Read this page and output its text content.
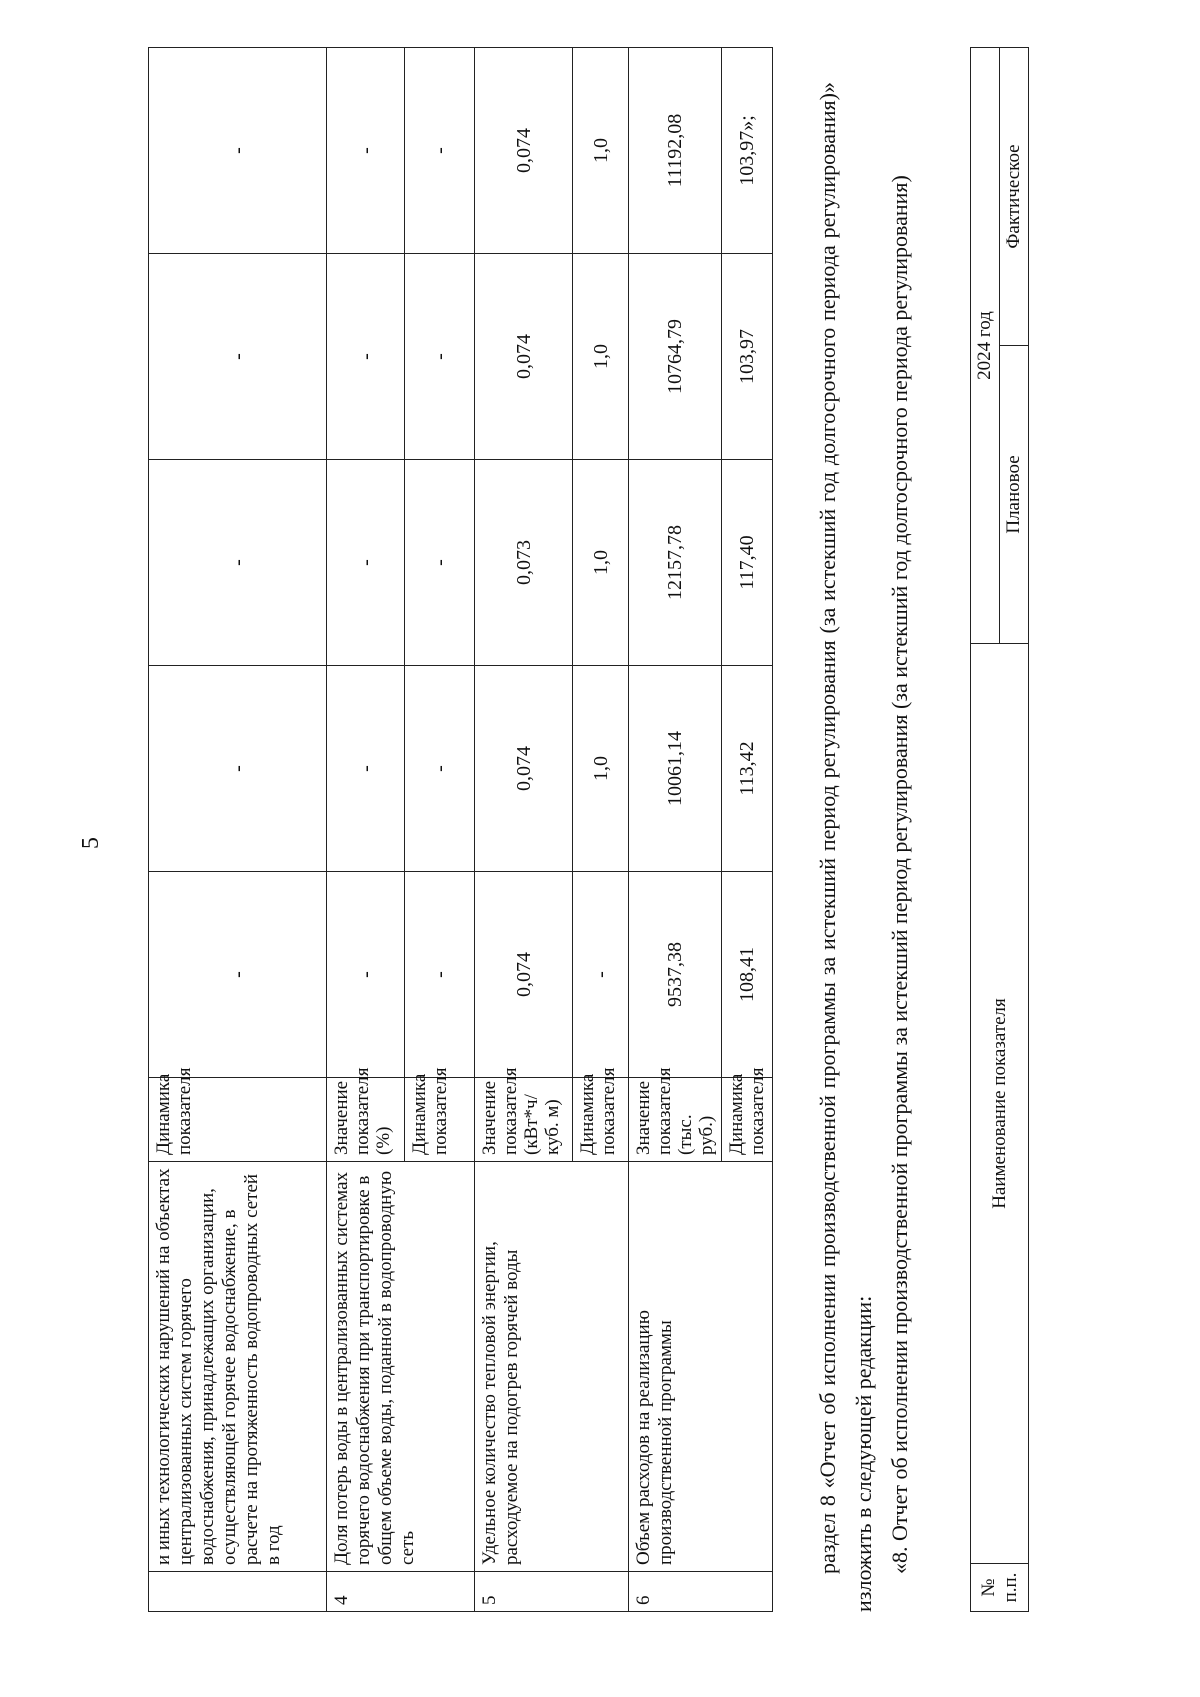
5
	и иных технологических нарушений на объектах централизованных систем горячего водоснабжения, принадлежащих организации, осуществляющей горячее водоснабжение, в расчете на протяженность водопроводных сетей в год	Динамика показателя	-	-	-	-	-
4	Доля потерь воды в централизованных системах горячего водоснабжения при транспортировке в общем объеме воды, поданной в водопроводную сеть	Значение показателя (%)	-	-	-	-	-
		Динамика показателя	-	-	-	-	-
5	Удельное количество тепловой энергии, расходуемое на подогрев горячей воды	Значение показателя (кВт*ч/куб. м)	0,074	0,074	0,073	0,074	0,074
		Динамика показателя	-	1,0	1,0	1,0	1,0
6	Объем расходов на реализацию производственной программы	Значение показателя (тыс. руб.)	9537,38	10061,14	12157,78	10764,79	11192,08
		Динамика показателя	108,41	113,42	117,40	103,97	103,97»;	раздел 8 «Отчет об исполнении производственной программы за истекший период регулирования (за истекший год долгосрочного периода регулирования)» изложить в следующей редакции: «8. Отчет об исполнении производственной программы за истекший период регулирования (за истекший год долгосрочного периода регулирования)
№ п.п.	Наименование показателя	2024 год	
		Плановое	Фактическое
